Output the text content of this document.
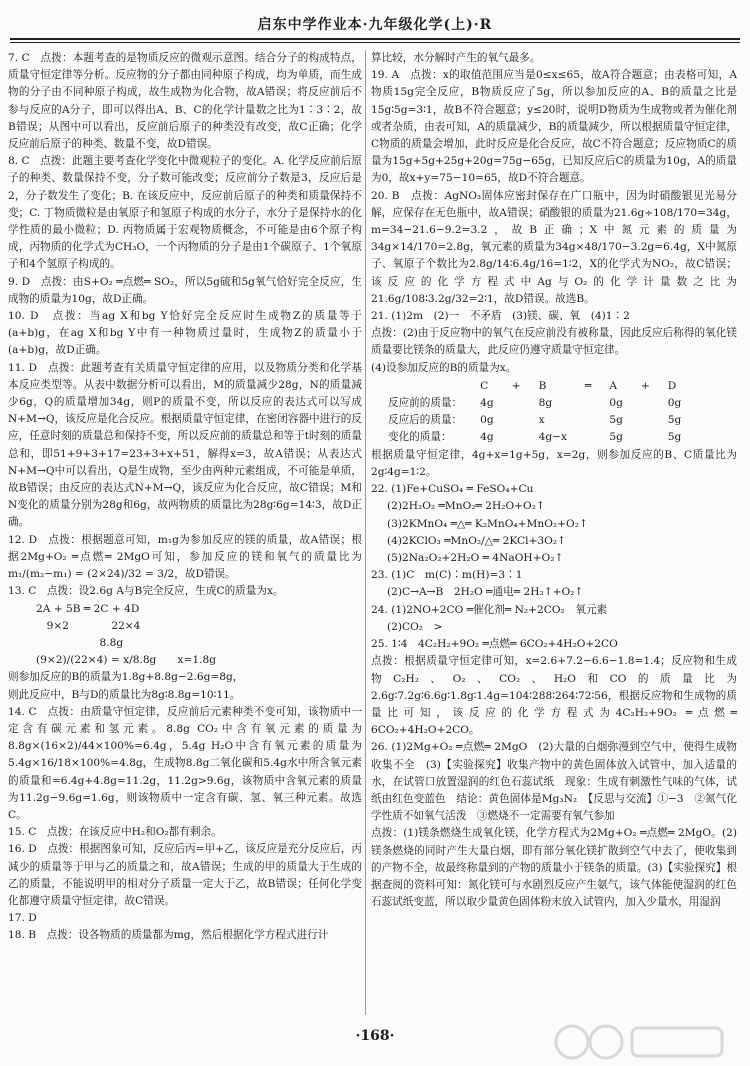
启东中学作业本·九年级化学(上)·R

7. C　点拨：本题考查的是物质反应的微观示意图。结合分子的构成特点，质量守恒定律等分析。反应物的分子都由同种原子构成，均为单质，而生成物的分子由不同种原子构成，故生成物为化合物，故A错误；将反应前后不参与反应的A分子，即可以得出A、B、C的化学计量数之比为1∶3∶2，故B错误；从图中可以看出，反应前后原子的种类没有改变，故C正确；化学反应前后原子的种类、数量不变，故D错误。

8. C　点拨：此题主要考查化学变化中微观粒子的变化。A. 化学反应前后原子的种类、数量保持不变，分子数可能改变；反应前分子数是3，反应后是2，分子数发生了变化；B. 在该反应中，反应前后原子的种类和质量保持不变；C. 丁物质微粒是由氧原子和氢原子构成的水分子，水分子是保持水的化学性质的最小微粒；D. 丙物质属于宏观物质概念，不可能是由6个原子构成，丙物质的化学式为CH₃O，一个丙物质的分子是由1个碳原子、1个氧原子和4个氢原子构成的。

9. D　点拨：由S+O₂ ═点燃═ SO₂，所以5g硫和5g氧气恰好完全反应，生成物的质量为10g，故D正确。

10. D　点拨：当ag X和bg Y恰好完全反应时生成物Z的质量等于(a+b)g，在ag X和bg Y中有一种物质过量时，生成物Z的质量小于(a+b)g，故D正确。

11. D　点拨：此题考查有关质量守恒定律的应用，以及物质分类和化学基本反应类型等。从表中数据分析可以看出，M的质量减少28g，N的质量减少6g，Q的质量增加34g，则P的质量不变，所以反应的表达式可以写成N+M→Q，该反应是化合反应。根据质量守恒定律，在密闭容器中进行的反应，任意时刻的质量总和保持不变，所以反应前的质量总和等于t时刻的质量总和，即51+9+3+17=23+3+x+51，解得x=3，故A错误；从表达式N+M→Q中可以看出，Q是生成物，至少由两种元素组成，不可能是单质，故B错误；由反应的表达式N+M→Q，该反应为化合反应，故C错误；M和N变化的质量分别为28g和6g，故两物质的质量比为28g∶6g=14∶3，故D正确。

12. D　点拨：根据题意可知，m₁g为参加反应的镁的质量，故A错误；根据2Mg+O₂ ═点燃═ 2MgO可知，参加反应的镁和氧气的质量比为 m₁/(m₂−m₁) = (2×24)/32 = 3/2，故D错误。

13. C　点拨：设2.6g A与B完全反应，生成C的质量为x。

2A + 5B ═ 2C + 4D

　9×2　　　　22×4

　　　　　　8.8g

(9×2)/(22×4) = x/8.8g　　x=1.8g

则参加反应的B的质量为1.8g+8.8g−2.6g=8g，

则此反应中，B与D的质量比为8g∶8.8g=10∶11。

14. C　点拨：由质量守恒定律，反应前后元素种类不变可知，该物质中一定含有碳元素和氢元素。8.8g CO₂中含有氧元素的质量为8.8g×(16×2)/44×100%=6.4g，5.4g H₂O中含有氧元素的质量为5.4g×16/18×100%=4.8g，生成物8.8g二氧化碳和5.4g水中所含氧元素的质量和=6.4g+4.8g=11.2g，11.2g>9.6g，该物质中含氧元素的质量为11.2g−9.6g=1.6g，则该物质中一定含有碳、氢、氧三种元素。故选C。

15. C　点拨：在该反应中H₂和O₂都有剩余。

16. D　点拨：根据图象可知，反应后丙=甲+乙，该反应是充分反应后，丙减少的质量等于甲与乙的质量之和，故A错误；生成的甲的质量大于生成的乙的质量，不能说明甲的相对分子质量一定大于乙，故B错误；任何化学变化都遵守质量守恒定律，故C错误。

17. D

18. B　点拨：设各物质的质量都为mg，然后根据化学方程式进行计

算比较，水分解时产生的氧气最多。

19. A　点拨：x的取值范围应当是0≤x≤65，故A符合题意；由表格可知，A物质15g完全反应，B物质反应了5g，所以参加反应的A、B的质量之比是15g∶5g=3∶1，故B不符合题意；y≤20时，说明D物质为生成物或者为催化剂或者杂质，由表可知，A的质量减少，B的质量减少，所以根据质量守恒定律，C物质的质量会增加，此时反应是化合反应，故C不符合题意；反应物质C的质量为15g+5g+25g+20g=75g−65g，已知反应后C的质量为10g，A的质量为0，故x+y=75−10=65，故D不符合题意。

20. B　点拨：AgNO₃固体应密封保存在广口瓶中，因为时硝酸银见光易分解，应保存在无色瓶中，故A错误；硝酸银的质量为21.6g÷108/170=34g，m=34−21.6−9.2=3.2，故B正确；X中氮元素的质量为34g×14/170=2.8g，氧元素的质量为34g×48/170−3.2g=6.4g，X中氮原子、氧原子个数比为2.8g/14∶6.4g/16=1∶2，X的化学式为NO₂，故C错误；该反应的化学方程式中Ag与O₂的化学计量数之比为21.6g/108∶3.2g/32=2∶1，故D错误。故选B。

21. (1)2m　(2)一　不矛盾　(3)镁、碳、氧　(4)1∶2

点拨：(2)由于反应物中的氧气在反应前没有被称量，因此反应后称得的氧化镁质量要比镁条的质量大，此反应仍遵守质量守恒定律。

(4)设参加反应的B的质量为x。

	C	+	B	═	A	+	D
反应前的质量：	4g		8g		0g		0g
反应后的质量：	0g		x		5g		5g
变化的质量：	4g		4g−x		5g		5g

根据质量守恒定律，4g+x=1g+5g，x=2g，则参加反应的B、C质量比为2g∶4g=1∶2。

22. (1)Fe+CuSO₄ ═ FeSO₄+Cu

(2)2H₂O₂ ═MnO₂═ 2H₂O+O₂↑

(3)2KMnO₄ ═△═ K₂MnO₄+MnO₂+O₂↑

(4)2KClO₃ ═MnO₂/△═ 2KCl+3O₂↑

(5)2Na₂O₂+2H₂O ═ 4NaOH+O₂↑

23. (1)C　m(C)∶m(H)=3∶1

(2)C→A→B　2H₂O ═通电═ 2H₂↑+O₂↑

24. (1)2NO+2CO ═催化剂═ N₂+2CO₂　氧元素

(2)CO₂　>

25. 1∶4　4C₂H₂+9O₂ ═点燃═ 6CO₂+4H₂O+2CO

点拨：根据质量守恒定律可知，x=2.6+7.2−6.6−1.8=1.4；反应物和生成物C₂H₂、O₂、CO₂、H₂O和CO的质量比为2.6g∶7.2g∶6.6g∶1.8g∶1.4g=104∶288∶264∶72∶56，根据反应物和生成物的质量比可知，该反应的化学方程式为4C₂H₂+9O₂ ═点燃═ 6CO₂+4H₂O+2CO。

26. (1)2Mg+O₂ ═点燃═ 2MgO　(2)大量的白烟弥漫到空气中，使得生成物收集不全　(3)【实验探究】收集产物中的黄色固体放入试管中，加入适量的水，在试管口放置湿润的红色石蕊试纸　现象：生成有刺激性气味的气体，试纸由红色变蓝色　结论：黄色固体是Mg₃N₂　【反思与交流】①−3　②氮气化学性质不如氧气活泼　③燃烧不一定需要有氧气参加

点拨：(1)镁条燃烧生成氧化镁，化学方程式为2Mg+O₂ ═点燃═ 2MgO。(2)镁条燃烧的同时产生大量白烟，即有部分氧化镁扩散到空气中去了，使收集到的产物不全，故最终称量到的产物的质量小于镁条的质量。(3)【实验探究】根据查阅的资料可知：氮化镁可与水剧烈反应产生氨气，该气体能使湿润的红色石蕊试纸变蓝，所以取少量黄色固体粉末放入试管内，加入少量水，用湿润

·168·
